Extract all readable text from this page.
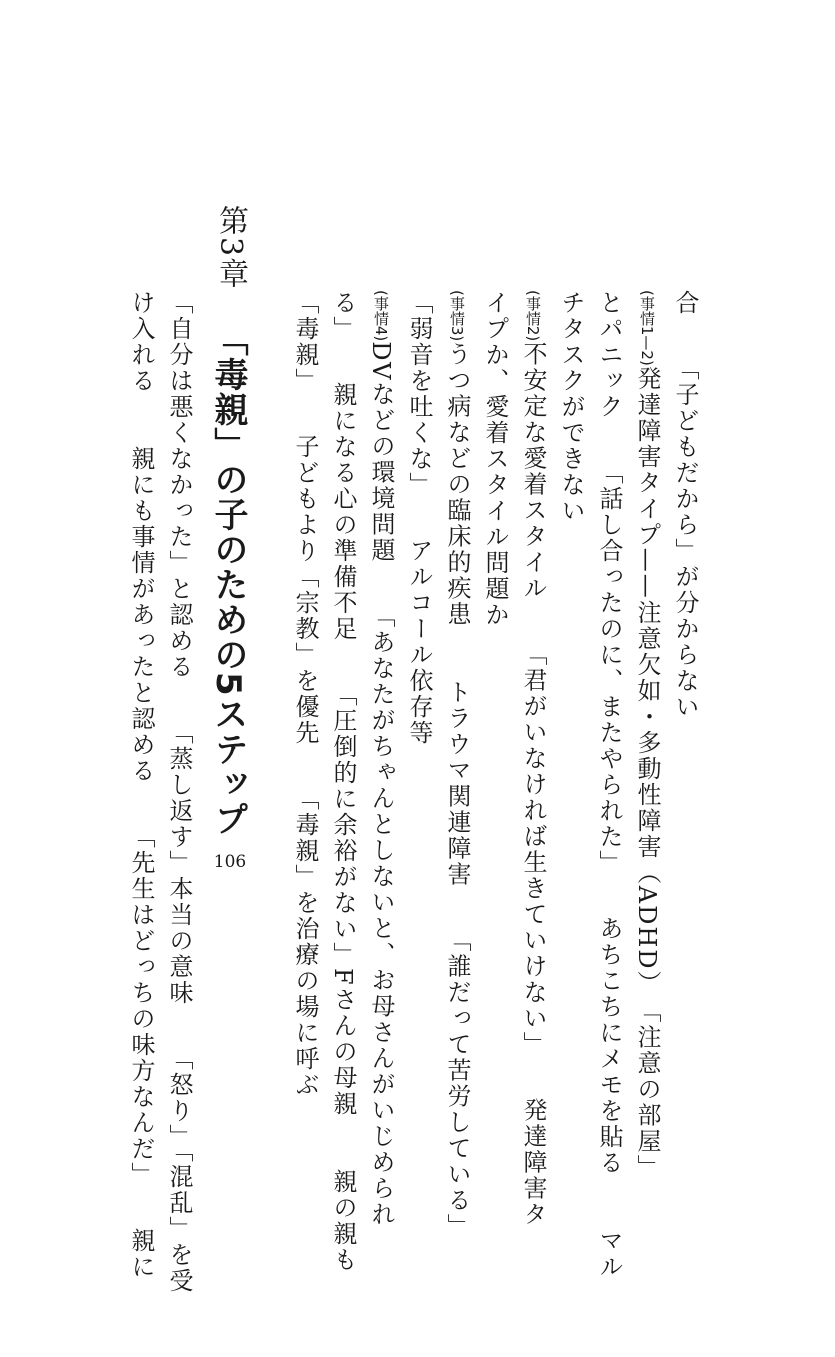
合　　「子どもだから」が分からない
(事情1—2)発達障害タイプ——注意欠如・多動性障害（ADHD）　「注意の部屋」
とパニック　　「話し合ったのに、またやられた」　　あちこちにメモを貼る　　マル
チタスクができない
(事情2)不安定な愛着スタイル　　「君がいなければ生きていけない」　　発達障害タ
イプか、愛着スタイル問題か
(事情3)うつ病などの臨床的疾患　　トラウマ関連障害　　「誰だって苦労している」
「弱音を吐くな」　　アルコール依存等
(事情4)DVなどの環境問題　　「あなたがちゃんとしないと、お母さんがいじめられ
る」　　親になる心の準備不足　　「圧倒的に余裕がない」Fさんの母親　　親の親も
「毒親」　　子どもより「宗教」を優先　　「毒親」を治療の場に呼ぶ
第3章
「毒親」の子のための5ステップ
106
「自分は悪くなかった」と認める　　「蒸し返す」本当の意味　　「怒り」「混乱」を受
け入れる　　親にも事情があったと認める　　「先生はどっちの味方なんだ」　　親に
